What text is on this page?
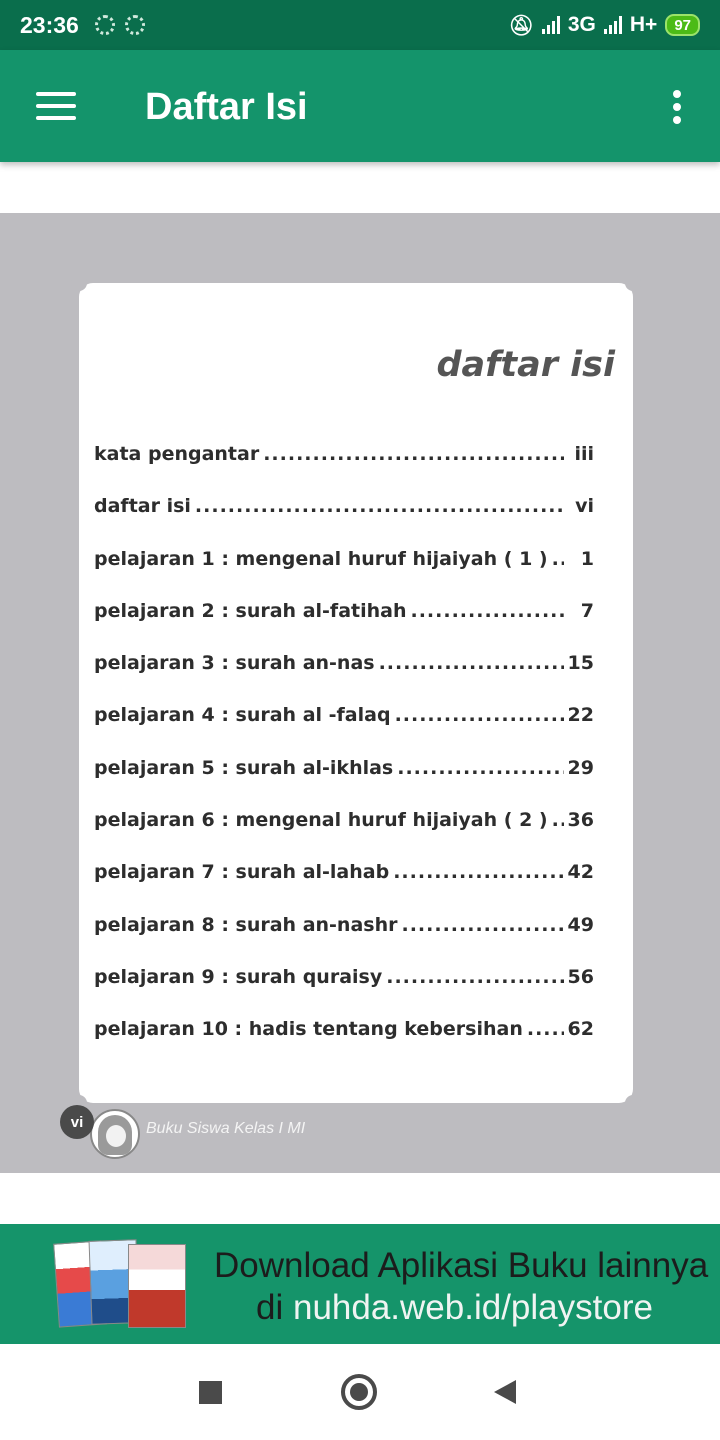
23:36	🔕︎ 3G H+ 97
Daftar Isi
daftar isi
kata pengantar .....	iii
daftar isi .....	vi
pelajaran 1 : mengenal huruf hijaiyah ( 1 ) .....	1
pelajaran 2 : surah al-fatihah .....	7
pelajaran 3 : surah an-nas .....	15
pelajaran 4 : surah al -falaq .....	22
pelajaran 5 : surah al-ikhlas .....	29
pelajaran 6 : mengenal huruf hijaiyah ( 2 ) ..... 36
pelajaran 7 : surah al-lahab .....	42
pelajaran 8 : surah an-nashr .....	49
pelajaran 9 : surah quraisy .....	56
pelajaran 10 : hadis tentang kebersihan ..... 62
vi	Buku Siswa Kelas I MI
Download Aplikasi Buku lainnya
di nuhda.web.id/playstore
